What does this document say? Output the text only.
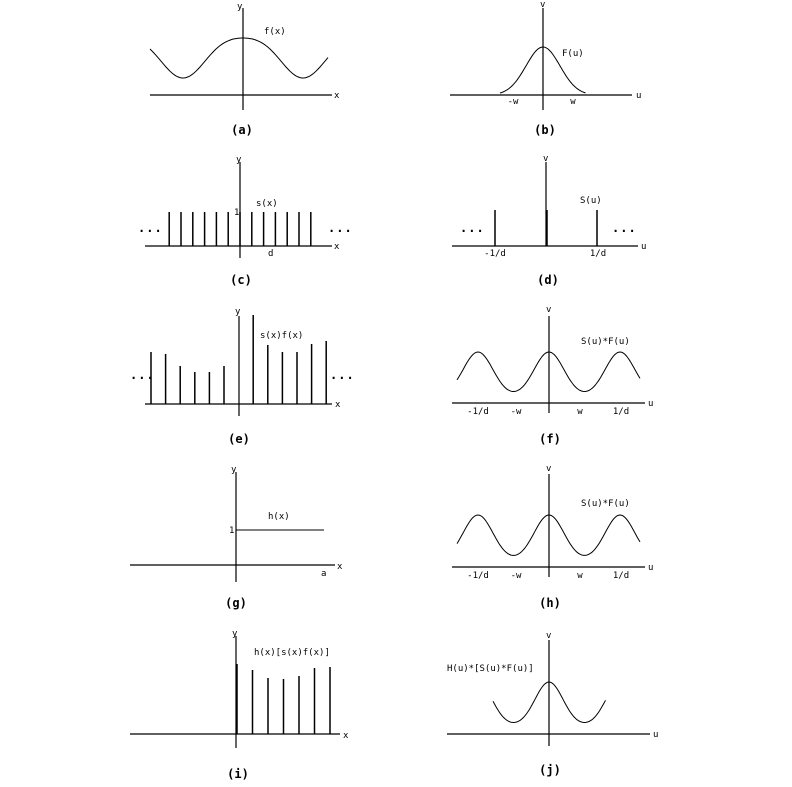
x
y
f(x)
(a)
u
v
F(u)
-w	w
(b)
x
y
s(x)
1
d
...	...
(c)
u
v
S(u)
-1/d	1/d
...	...
(d)
x
y
s(x)f(x)
...	...
(e)
u
v
S(u)*F(u)
-1/d -w	w	1/d
(f)
x
y
h(x)
1
a
(g)
u
v
S(u)*F(u)
-1/d -w	w	1/d
(h)
x
y
h(x)[s(x)f(x)]
(i)
u
v
H(u)*[S(u)*F(u)]
(j)
